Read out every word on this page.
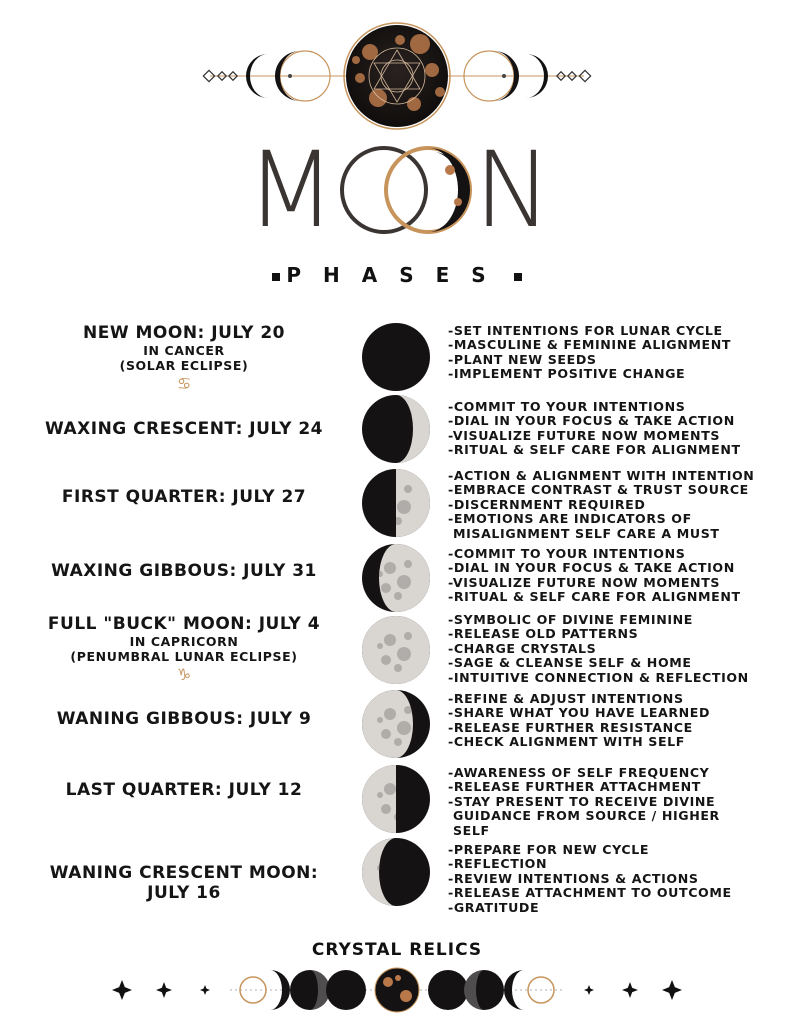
M N
PHASES
NEW MOON: JULY 20
IN CANCER
(SOLAR ECLIPSE)
♋
-SET INTENTIONS FOR LUNAR CYCLE
-MASCULINE & FEMININE ALIGNMENT
-PLANT NEW SEEDS
-IMPLEMENT POSITIVE CHANGE
WAXING CRESCENT: JULY 24
-COMMIT TO YOUR INTENTIONS
-DIAL IN YOUR FOCUS & TAKE ACTION
-VISUALIZE FUTURE NOW MOMENTS
-RITUAL & SELF CARE FOR ALIGNMENT
FIRST QUARTER: JULY 27
-ACTION & ALIGNMENT WITH INTENTION
-EMBRACE CONTRAST & TRUST SOURCE
-DISCERNMENT REQUIRED
-EMOTIONS ARE INDICATORS OF
MISALIGNMENT SELF CARE A MUST
WAXING GIBBOUS: JULY 31
-COMMIT TO YOUR INTENTIONS
-DIAL IN YOUR FOCUS & TAKE ACTION
-VISUALIZE FUTURE NOW MOMENTS
-RITUAL & SELF CARE FOR ALIGNMENT
FULL "BUCK" MOON: JULY 4
IN CAPRICORN
(PENUMBRAL LUNAR ECLIPSE)
♑
-SYMBOLIC OF DIVINE FEMININE
-RELEASE OLD PATTERNS
-CHARGE CRYSTALS
-SAGE & CLEANSE SELF & HOME
-INTUITIVE CONNECTION & REFLECTION
WANING GIBBOUS: JULY 9
-REFINE & ADJUST INTENTIONS
-SHARE WHAT YOU HAVE LEARNED
-RELEASE FURTHER RESISTANCE
-CHECK ALIGNMENT WITH SELF
LAST QUARTER: JULY 12
-AWARENESS OF SELF FREQUENCY
-RELEASE FURTHER ATTACHMENT
-STAY PRESENT TO RECEIVE DIVINE
GUIDANCE FROM SOURCE / HIGHER
SELF
WANING CRESCENT MOON:
JULY 16
-PREPARE FOR NEW CYCLE
-REFLECTION
-REVIEW INTENTIONS & ACTIONS
-RELEASE ATTACHMENT TO OUTCOME
-GRATITUDE
CRYSTAL RELICS
